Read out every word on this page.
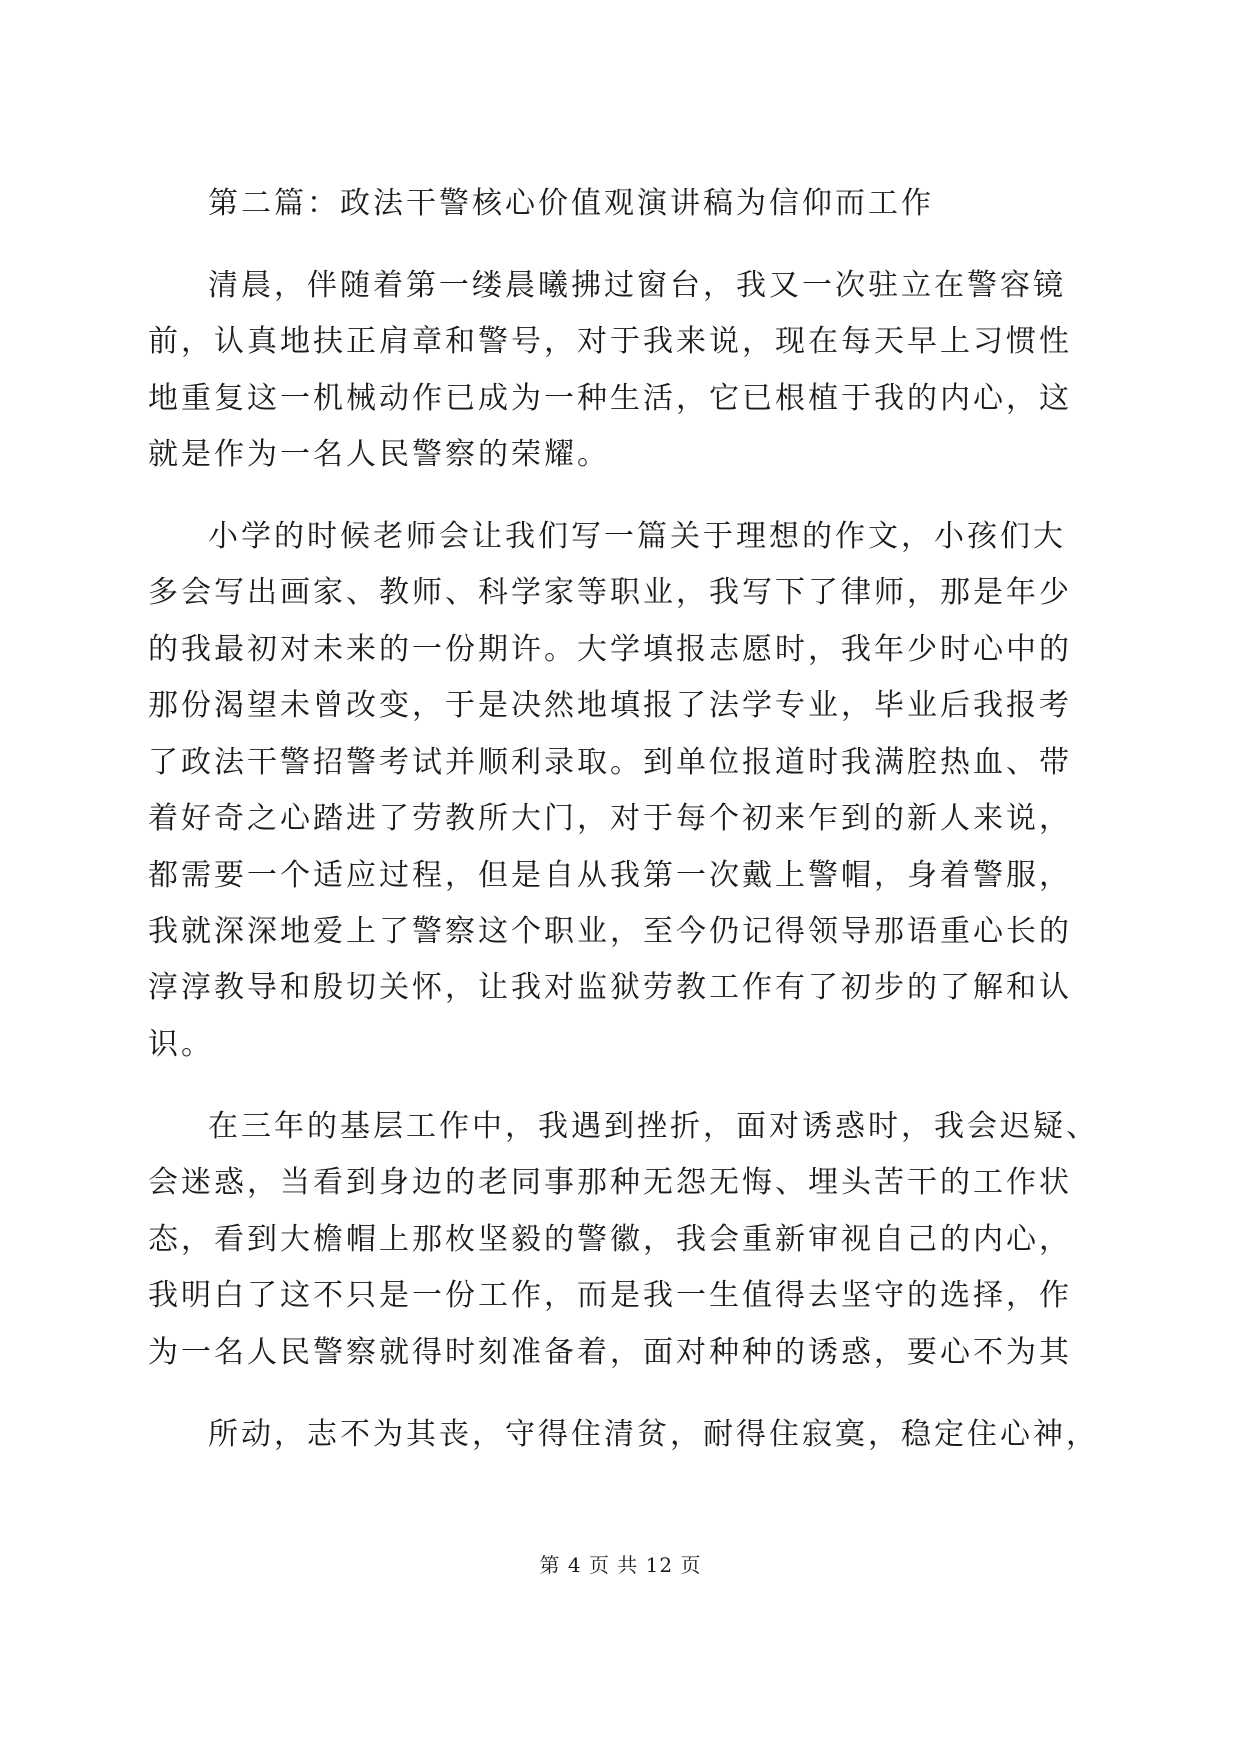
第二篇：政法干警核心价值观演讲稿为信仰而工作
清晨，伴随着第一缕晨曦拂过窗台，我又一次驻立在警容镜
前，认真地扶正肩章和警号，对于我来说，现在每天早上习惯性
地重复这一机械动作已成为一种生活，它已根植于我的内心，这
就是作为一名人民警察的荣耀。
小学的时候老师会让我们写一篇关于理想的作文，小孩们大
多会写出画家、教师、科学家等职业，我写下了律师，那是年少
的我最初对未来的一份期许。大学填报志愿时，我年少时心中的
那份渴望未曾改变，于是决然地填报了法学专业，毕业后我报考
了政法干警招警考试并顺利录取。到单位报道时我满腔热血、带
着好奇之心踏进了劳教所大门，对于每个初来乍到的新人来说，
都需要一个适应过程，但是自从我第一次戴上警帽，身着警服，
我就深深地爱上了警察这个职业，至今仍记得领导那语重心长的
淳淳教导和殷切关怀，让我对监狱劳教工作有了初步的了解和认
识。
在三年的基层工作中，我遇到挫折，面对诱惑时，我会迟疑、
会迷惑，当看到身边的老同事那种无怨无悔、埋头苦干的工作状
态，看到大檐帽上那枚坚毅的警徽，我会重新审视自己的内心，
我明白了这不只是一份工作，而是我一生值得去坚守的选择，作
为一名人民警察就得时刻准备着，面对种种的诱惑，要心不为其
所动，志不为其丧，守得住清贫，耐得住寂寞，稳定住心神，
第 4 页 共 12 页
